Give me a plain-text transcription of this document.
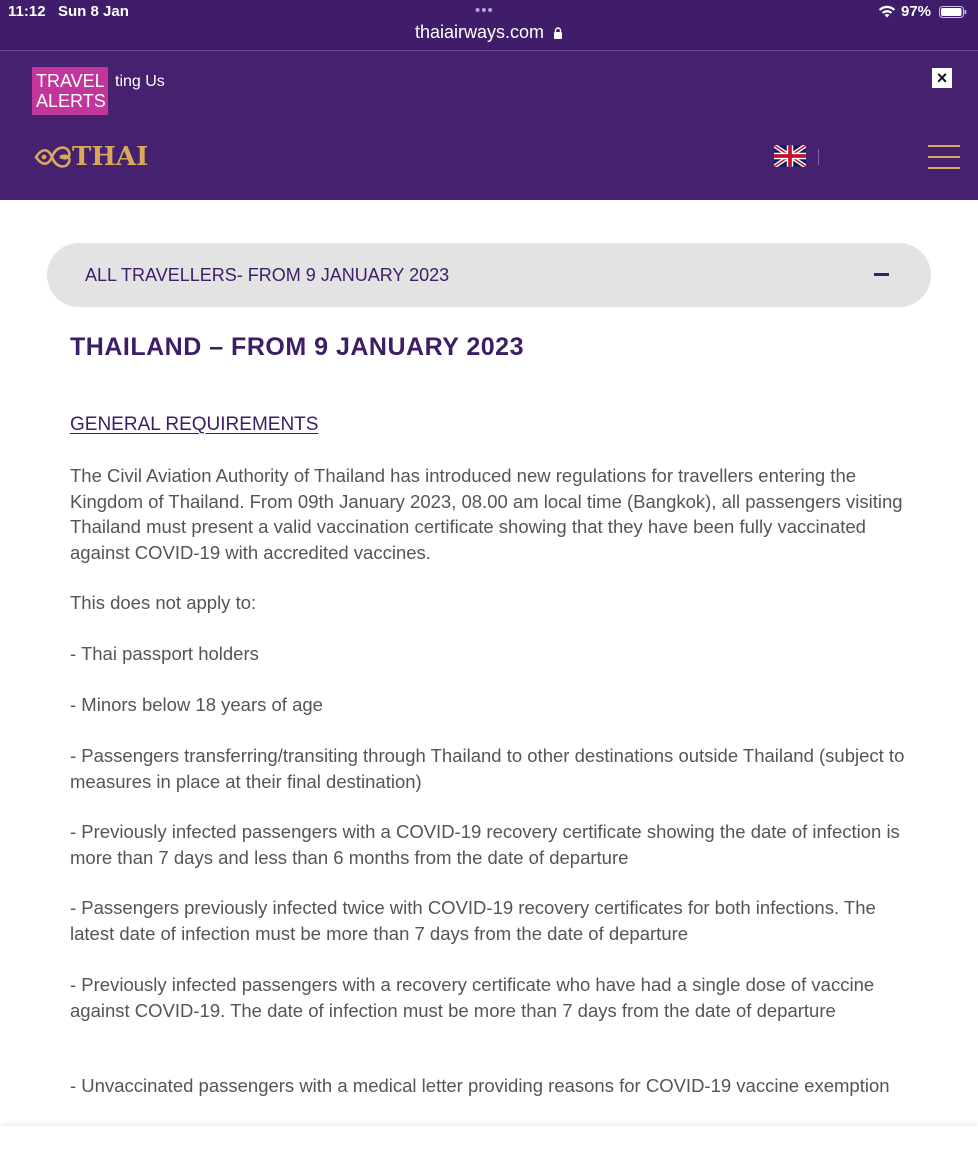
11:12 Sun 8 Jan	•••	97%
thaiairways.com
TRAVEL ALERTS
ting Us	×
THAI
ALL TRAVELLERS- FROM 9 JANUARY 2023
THAILAND – FROM 9 JANUARY 2023
GENERAL REQUIREMENTS

The Civil Aviation Authority of Thailand has introduced new regulations for travellers entering the Kingdom of Thailand. From 09th January 2023, 08.00 am local time (Bangkok), all passengers visiting Thailand must present a valid vaccination certificate showing that they have been fully vaccinated against COVID-19 with accredited vaccines.

This does not apply to:

- Thai passport holders

- Minors below 18 years of age

- Passengers transferring/transiting through Thailand to other destinations outside Thailand (subject to measures in place at their final destination)

- Previously infected passengers with a COVID-19 recovery certificate showing the date of infection is more than 7 days and less than 6 months from the date of departure

- Passengers previously infected twice with COVID-19 recovery certificates for both infections. The latest date of infection must be more than 7 days from the date of departure

- Previously infected passengers with a recovery certificate who have had a single dose of vaccine against COVID-19. The date of infection must be more than 7 days from the date of departure

- Unvaccinated passengers with a medical letter providing reasons for COVID-19 vaccine exemption
